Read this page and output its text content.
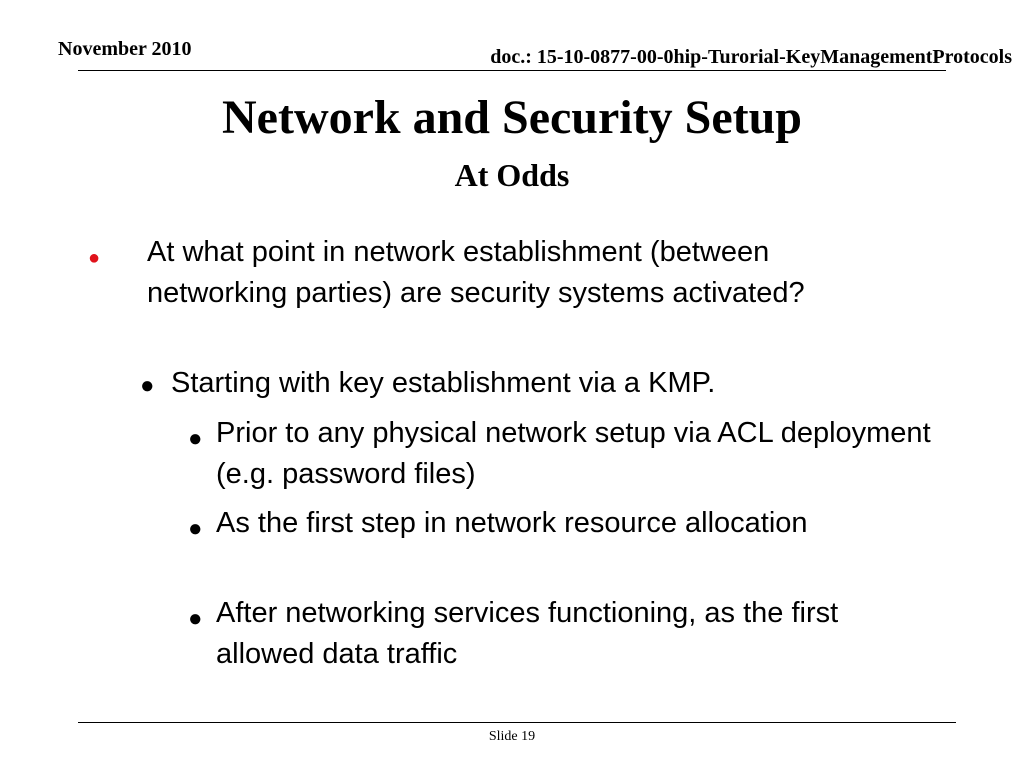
November 2010	doc.: 15-10-0877-00-0hip-Turorial-KeyManagementProtocols
Network and Security Setup
At Odds
● At what point in network establishment (between networking parties) are security systems activated?
● Starting with key establishment via a KMP.
● Prior to any physical network setup via ACL deployment (e.g. password files)
● As the first step in network resource allocation
● After networking services functioning, as the first allowed data traffic
Slide 19
